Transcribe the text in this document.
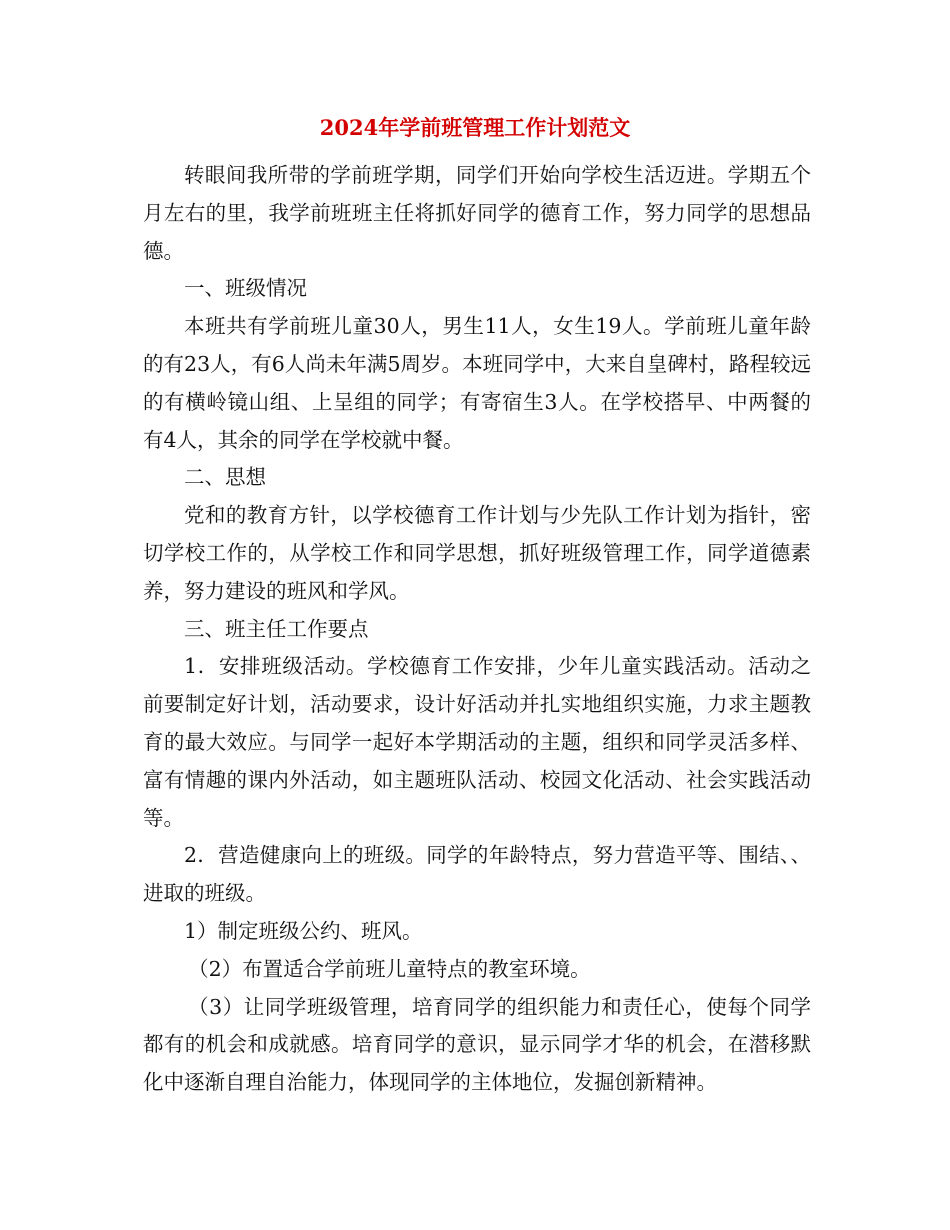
2024年学前班管理工作计划范文

转眼间我所带的学前班学期，同学们开始向学校生活迈进。学期五个月左右的里，我学前班班主任将抓好同学的德育工作，努力同学的思想品德。

一、班级情况

本班共有学前班儿童30人，男生11人，女生19人。学前班儿童年龄的有23人，有6人尚未年满5周岁。本班同学中，大来自皇碑村，路程较远的有横岭镜山组、上呈组的同学；有寄宿生3人。在学校搭早、中两餐的有4人，其余的同学在学校就中餐。

二、思想

党和的教育方针，以学校德育工作计划与少先队工作计划为指针，密切学校工作的，从学校工作和同学思想，抓好班级管理工作，同学道德素养，努力建设的班风和学风。

三、班主任工作要点

1．安排班级活动。学校德育工作安排，少年儿童实践活动。活动之前要制定好计划，活动要求，设计好活动并扎实地组织实施，力求主题教育的最大效应。与同学一起好本学期活动的主题，组织和同学灵活多样、富有情趣的课内外活动，如主题班队活动、校园文化活动、社会实践活动等。

2．营造健康向上的班级。同学的年龄特点，努力营造平等、围结、、进取的班级。

1）制定班级公约、班风。

（2）布置适合学前班儿童特点的教室环境。

（3）让同学班级管理，培育同学的组织能力和责任心，使每个同学都有的机会和成就感。培育同学的意识，显示同学才华的机会，在潜移默化中逐渐自理自治能力，体现同学的主体地位，发掘创新精神。
